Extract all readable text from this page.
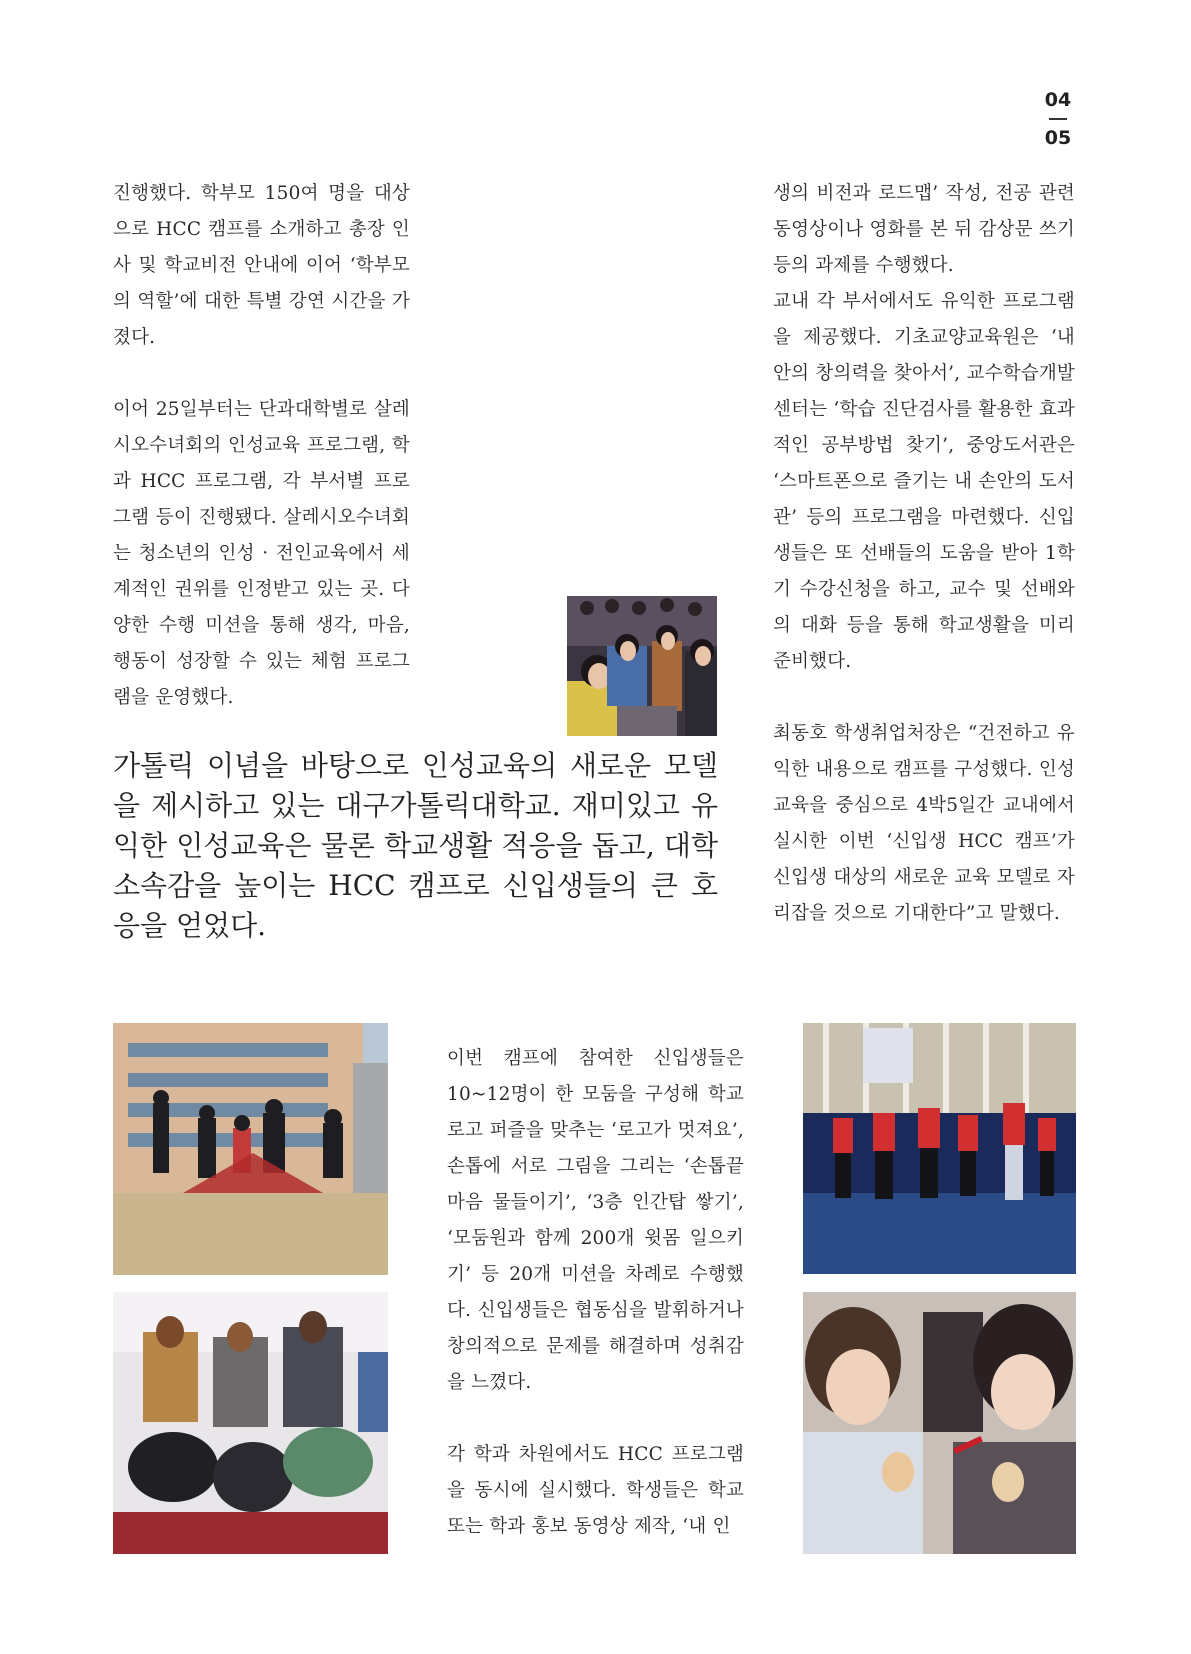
04
05

진행했다. 학부모 150여 명을 대상으로 HCC 캠프를 소개하고 총장 인사 및 학교비전 안내에 이어 ‘학부모의 역할’에 대한 특별 강연 시간을 가졌다.

이어 25일부터는 단과대학별로 살레시오수녀회의 인성교육 프로그램, 학과 HCC 프로그램, 각 부서별 프로그램 등이 진행됐다. 살레시오수녀회는 청소년의 인성 · 전인교육에서 세계적인 권위를 인정받고 있는 곳. 다양한 수행 미션을 통해 생각, 마음, 행동이 성장할 수 있는 체험 프로그램을 운영했다.

가톨릭 이념을 바탕으로 인성교육의 새로운 모델을 제시하고 있는 대구가톨릭대학교. 재미있고 유익한 인성교육은 물론 학교생활 적응을 돕고, 대학 소속감을 높이는 HCC 캠프로 신입생들의 큰 호응을 얻었다.

생의 비전과 로드맵’ 작성, 전공 관련 동영상이나 영화를 본 뒤 감상문 쓰기 등의 과제를 수행했다.

교내 각 부서에서도 유익한 프로그램을 제공했다. 기초교양교육원은 ‘내 안의 창의력을 찾아서’, 교수학습개발센터는 ‘학습 진단검사를 활용한 효과적인 공부방법 찾기’, 중앙도서관은 ‘스마트폰으로 즐기는 내 손안의 도서관’ 등의 프로그램을 마련했다. 신입생들은 또 선배들의 도움을 받아 1학기 수강신청을 하고, 교수 및 선배와의 대화 등을 통해 학교생활을 미리 준비했다.

최동호 학생취업처장은 “건전하고 유익한 내용으로 캠프를 구성했다. 인성교육을 중심으로 4박5일간 교내에서 실시한 이번 ‘신입생 HCC 캠프’가 신입생 대상의 새로운 교육 모델로 자리잡을 것으로 기대한다”고 말했다.

이번 캠프에 참여한 신입생들은 10~12명이 한 모둠을 구성해 학교로고 퍼즐을 맞추는 ‘로고가 멋져요’, 손톱에 서로 그림을 그리는 ‘손톱끝 마음 물들이기’, ‘3층 인간탑 쌓기’, ‘모둠원과 함께 200개 윗몸 일으키기’ 등 20개 미션을 차례로 수행했다. 신입생들은 협동심을 발휘하거나 창의적으로 문제를 해결하며 성취감을 느꼈다.

각 학과 차원에서도 HCC 프로그램을 동시에 실시했다. 학생들은 학교 또는 학과 홍보 동영상 제작, ‘내 인
